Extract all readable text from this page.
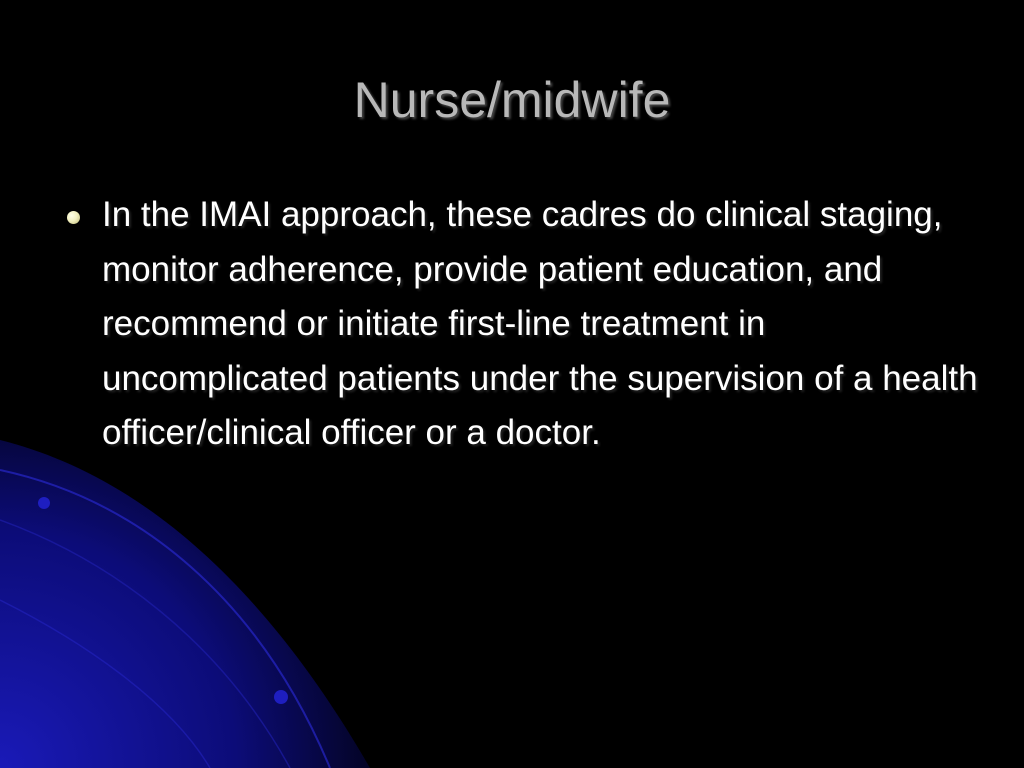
Nurse/midwife
In the IMAI approach, these cadres do clinical staging, monitor adherence, provide patient education, and recommend or initiate first-line treatment in uncomplicated patients under the supervision of a health officer/clinical officer or a doctor.
